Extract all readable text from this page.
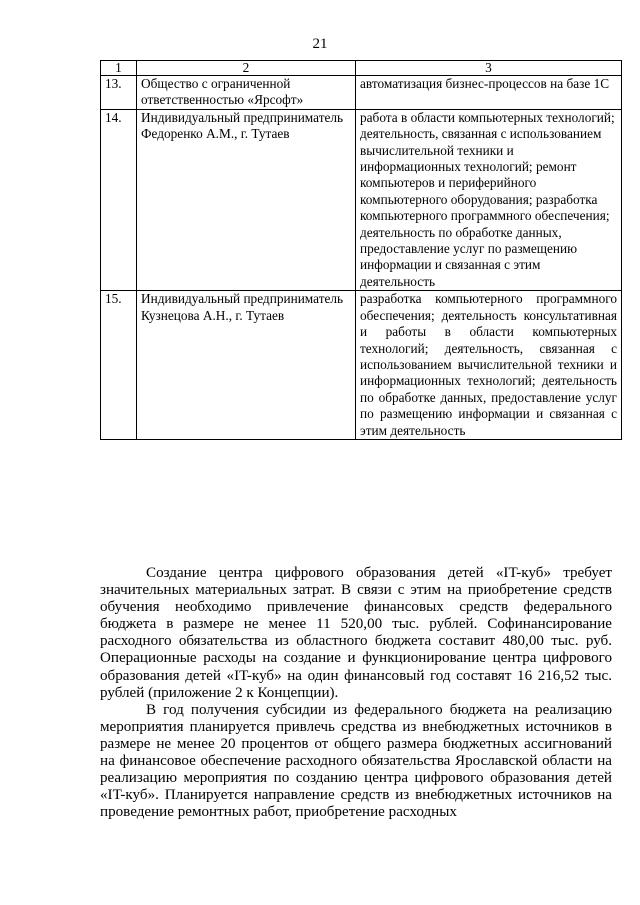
21
1	2	3
13.	Общество с ограниченной ответственностью «Ярсофт»	автоматизация бизнес-процессов на базе 1С
14.	Индивидуальный предприниматель Федоренко А.М., г. Тутаев	работа в области компьютерных технологий; деятельность, связанная с использованием вычислительной техники и информационных технологий; ремонт компьютеров и периферийного компьютерного оборудования; разработка компьютерного программного обеспечения; деятельность по обработке данных, предоставление услуг по размещению информации и связанная с этим деятельность
15.	Индивидуальный предприниматель Кузнецова А.Н., г. Тутаев	разработка компьютерного программного обеспечения; деятельность консультативная и работы в области компьютерных технологий; деятельность, связанная с использованием вычислительной техники и информационных технологий; деятельность по обработке данных, предоставление услуг по размещению информации и связанная с этим деятельность

Создание центра цифрового образования детей «IT-куб» требует значительных материальных затрат. В связи с этим на приобретение средств обучения необходимо привлечение финансовых средств федерального бюджета в размере не менее 11 520,00 тыс. рублей. Софинансирование расходного обязательства из областного бюджета составит 480,00 тыс. руб. Операционные расходы на создание и функционирование центра цифрового образования детей «IT-куб» на один финансовый год составят 16 216,52 тыс. рублей (приложение 2 к Концепции).

В год получения субсидии из федерального бюджета на реализацию мероприятия планируется привлечь средства из внебюджетных источников в размере не менее 20 процентов от общего размера бюджетных ассигнований на финансовое обеспечение расходного обязательства Ярославской области на реализацию мероприятия по созданию центра цифрового образования детей «IT-куб». Планируется направление средств из внебюджетных источников на проведение ремонтных работ, приобретение расходных
